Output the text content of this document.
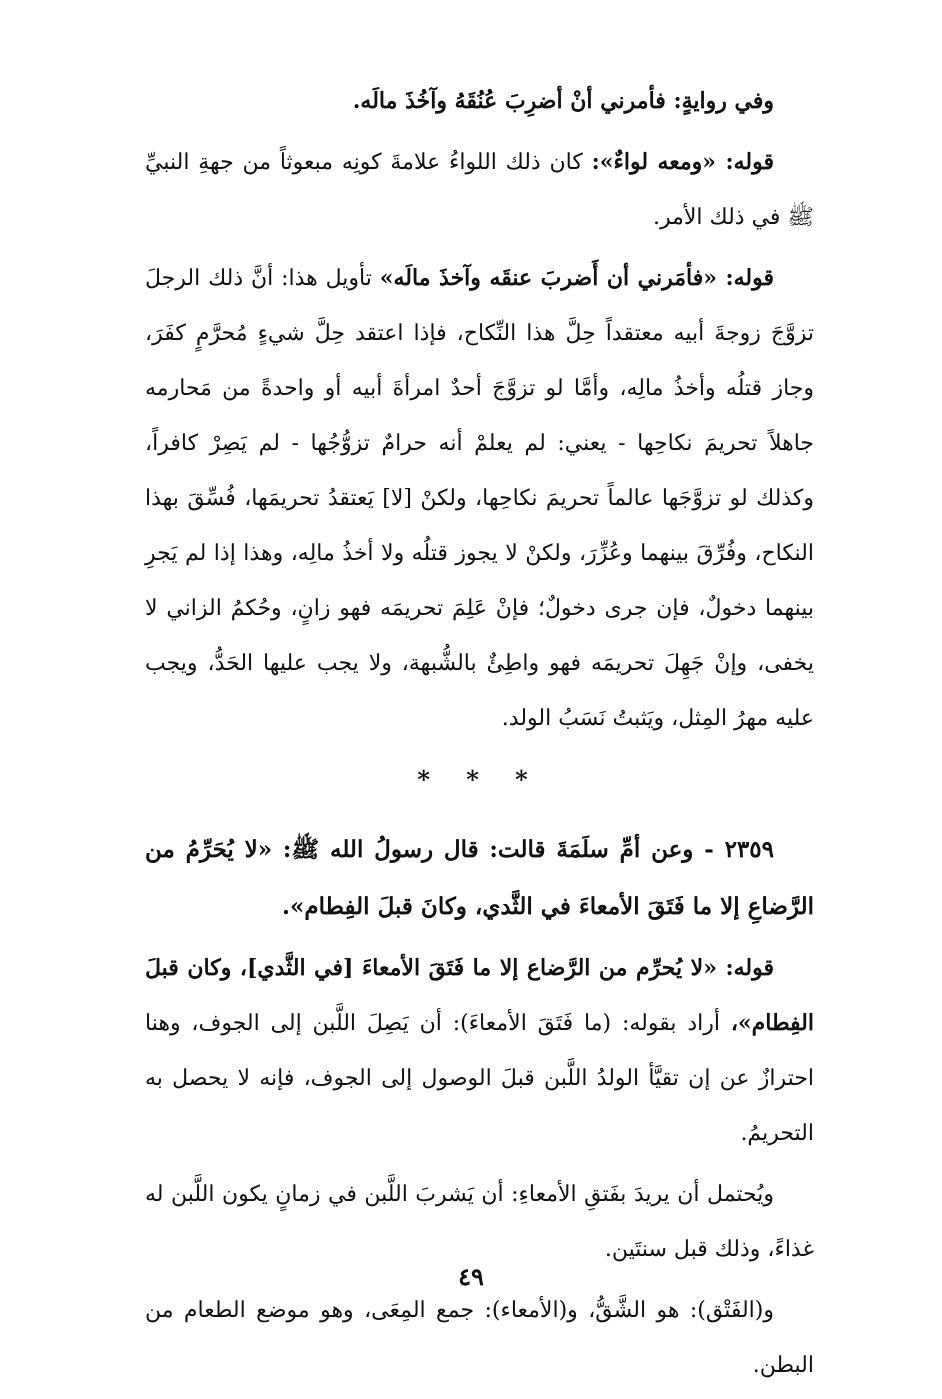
وفي روايةٍ: فأمرني أنْ أضرِبَ عُنُقَهُ وآخُذَ مالَه.

قوله: «ومعه لواءٌ»: كان ذلك اللواءُ علامةَ كونِه مبعوثاً من جهةِ النبيِّ ﷺ في ذلك الأمر.

قوله: «فأمَرني أن أَضربَ عنقَه وآخذَ مالَه» تأويل هذا: أنَّ ذلك الرجلَ تزوَّجَ زوجةَ أبيه معتقداً حِلَّ هذا النِّكاح، فإذا اعتقد حِلَّ شيءٍ مُحرَّمٍ كفَرَ، وجاز قتلُه وأخذُ مالِه، وأمَّا لو تزوَّجَ أحدٌ امرأةَ أبيه أو واحدةً من مَحارمه جاهلاً تحريمَ نكاحِها - يعني: لم يعلمْ أنه حرامٌ تزوُّجُها - لم يَصِرْ كافراً، وكذلك لو تزوَّجَها عالماً تحريمَ نكاحِها، ولكنْ [لا] يَعتقدُ تحريمَها، فُسِّقَ بهذا النكاح، وفُرِّقَ بينهما وعُزِّرَ، ولكنْ لا يجوز قتلُه ولا أخذُ مالِه، وهذا إذا لم يَجرِ بينهما دخولٌ، فإن جرى دخولٌ؛ فإنْ عَلِمَ تحريمَه فهو زانٍ، وحُكمُ الزاني لا يخفى، وإنْ جَهِلَ تحريمَه فهو واطِئٌ بالشُّبهة، ولا يجب عليها الحَدُّ، ويجب عليه مهرُ المِثل، ويَثبتُ نَسَبُ الولد.

* * *

٢٣٥٩ - وعن أمِّ سلَمَةَ قالت: قال رسولُ الله ﷺ: «لا يُحَرِّمُ من الرَّضاعِ إلا ما فَتَقَ الأمعاءَ في الثَّدي، وكانَ قبلَ الفِطام».

قوله: «لا يُحرِّم من الرَّضاع إلا ما فَتَقَ الأمعاءَ [في الثَّدي]، وكان قبلَ الفِطام»، أراد بقوله: (ما فَتَقَ الأمعاءَ): أن يَصِلَ اللَّبن إلى الجوف، وهنا احترازٌ عن إن تقيَّأ الولدُ اللَّبن قبلَ الوصول إلى الجوف، فإنه لا يحصل به التحريمُ.

ويُحتمل أن يريدَ بفَتقِ الأمعاءِ: أن يَشربَ اللَّبن في زمانٍ يكون اللَّبن له غذاءً، وذلك قبل سنتَين.

و(الفَتْق): هو الشَّقُّ، و(الأمعاء): جمع المِعَى، وهو موضع الطعام من البطن.

٤٩
